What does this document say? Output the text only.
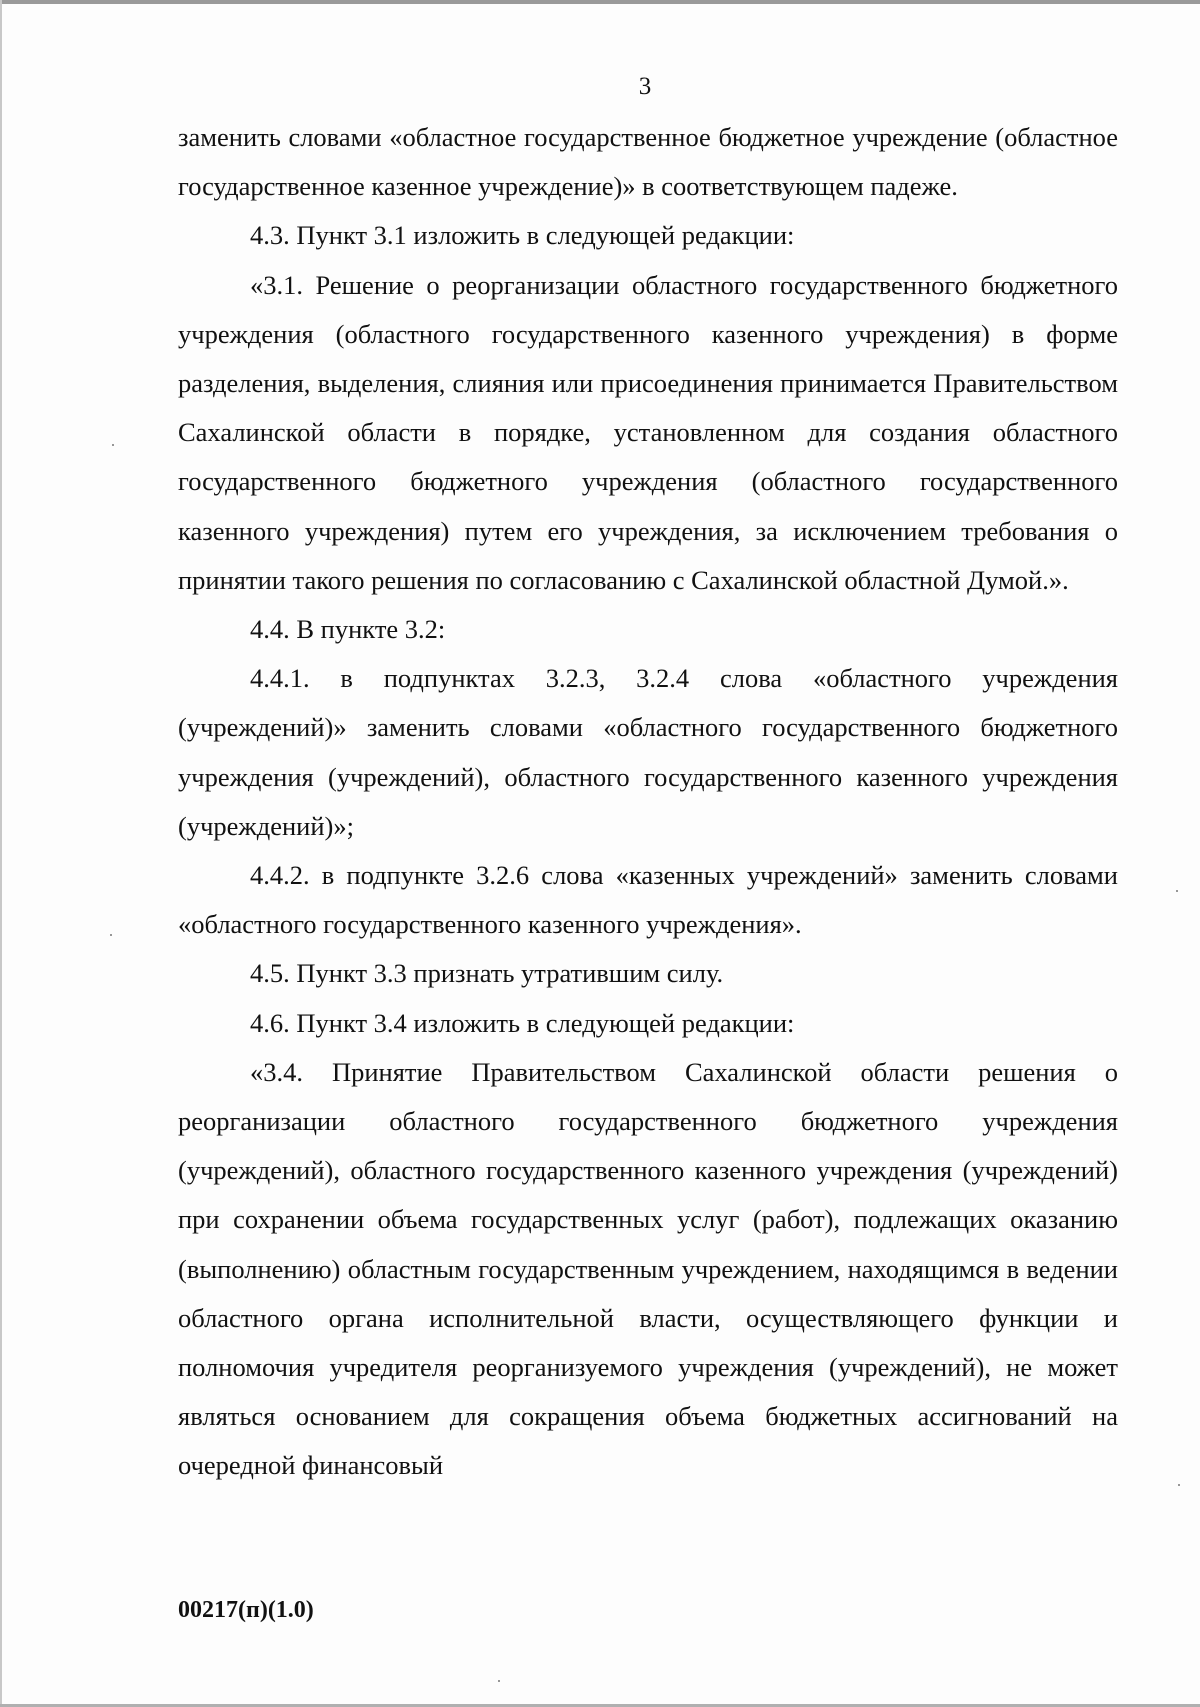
3

заменить словами «областное государственное бюджетное учреждение (областное государственное казенное учреждение)» в соответствующем падеже.

4.3. Пункт 3.1 изложить в следующей редакции:

«3.1. Решение о реорганизации областного государственного бюджетного учреждения (областного государственного казенного учреждения) в форме разделения, выделения, слияния или присоединения принимается Правительством Сахалинской области в порядке, установленном для создания областного государственного бюджетного учреждения (областного государственного казенного учреждения) путем его учреждения, за исключением требования о принятии такого решения по согласованию с Сахалинской областной Думой.».

4.4. В пункте 3.2:

4.4.1. в подпунктах 3.2.3, 3.2.4 слова «областного учреждения (учреждений)» заменить словами «областного государственного бюджетного учреждения (учреждений), областного государственного казенного учреждения (учреждений)»;

4.4.2. в подпункте 3.2.6 слова «казенных учреждений» заменить словами «областного государственного казенного учреждения».

4.5. Пункт 3.3 признать утратившим силу.

4.6. Пункт 3.4 изложить в следующей редакции:

«3.4. Принятие Правительством Сахалинской области решения о реорганизации областного государственного бюджетного учреждения (учреждений), областного государственного казенного учреждения (учреждений) при сохранении объема государственных услуг (работ), подлежащих оказанию (выполнению) областным государственным учреждением, находящимся в ведении областного органа исполнительной власти, осуществляющего функции и полномочия учредителя реорганизуемого учреждения (учреждений), не может являться основанием для сокращения объема бюджетных ассигнований на очередной финансовый

00217(п)(1.0)
